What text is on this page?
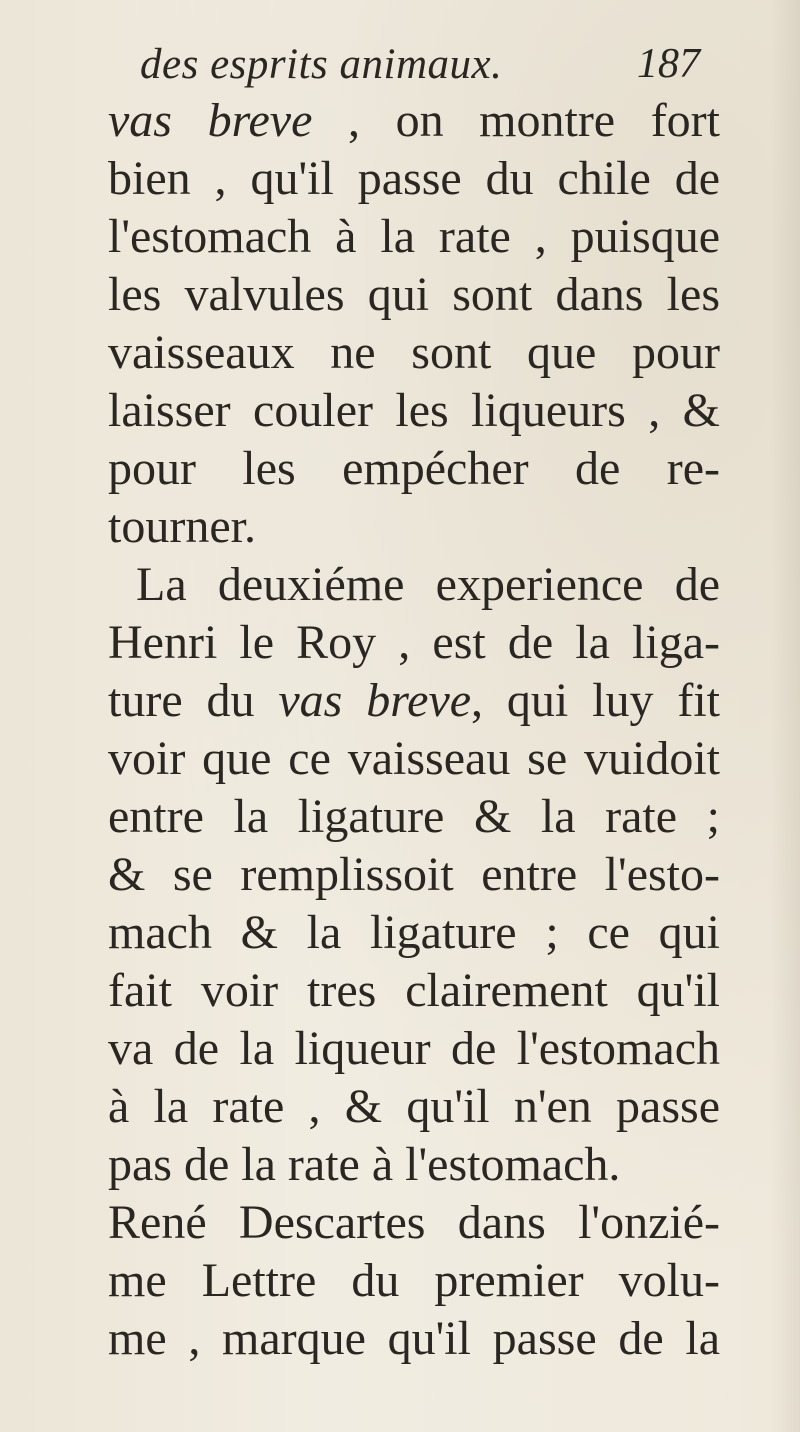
des esprits animaux.	187
vas breve , on montre fort
bien , qu'il passe du chile de
l'estomach à la rate , puisque
les valvules qui sont dans les
vaisseaux ne sont que pour
laisser couler les liqueurs , &
pour les empécher de re-
tourner.
La deuxiéme experience de
Henri le Roy , est de la liga-
ture du vas breve, qui luy fit
voir que ce vaisseau se vuidoit
entre la ligature & la rate ;
& se remplissoit entre l'esto-
mach & la ligature ; ce qui
fait voir tres clairement qu'il
va de la liqueur de l'estomach
à la rate , & qu'il n'en passe
pas de la rate à l'estomach.
René Descartes dans l'onzié-
me Lettre du premier volu-
me , marque qu'il passe de la
